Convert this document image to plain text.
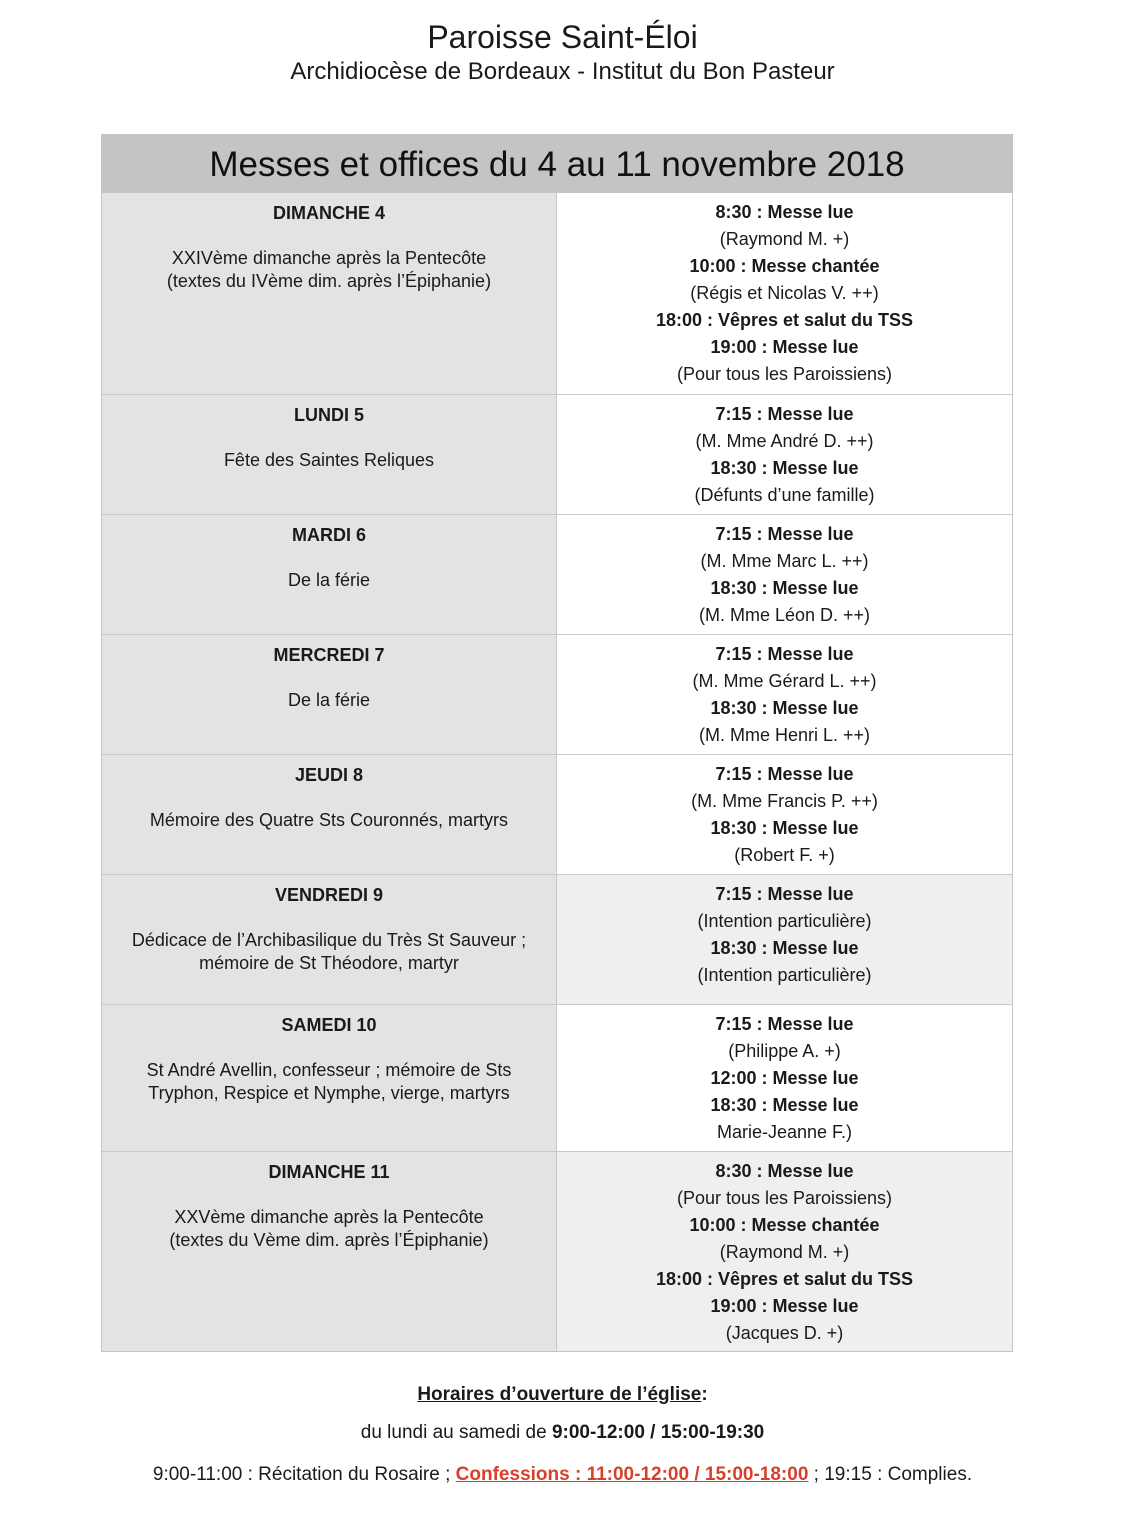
Paroisse Saint-Éloi
Archidiocèse de Bordeaux - Institut du Bon Pasteur
Messes et offices du 4 au 11 novembre 2018
DIMANCHE 4
XXIVème dimanche après la Pentecôte
(textes du IVème dim. après l’Épiphanie)
8:30 : Messe lue
(Raymond M. +)
10:00 : Messe chantée
(Régis et Nicolas V. ++)
18:00 : Vêpres et salut du TSS
19:00 : Messe lue
(Pour tous les Paroissiens)
LUNDI 5
Fête des Saintes Reliques
7:15 : Messe lue
(M. Mme André D. ++)
18:30 : Messe lue
(Défunts d’une famille)
MARDI 6
De la férie
7:15 : Messe lue
(M. Mme Marc L. ++)
18:30 : Messe lue
(M. Mme Léon D. ++)
MERCREDI 7
De la férie
7:15 : Messe lue
(M. Mme Gérard L. ++)
18:30 : Messe lue
(M. Mme Henri L. ++)
JEUDI 8
Mémoire des Quatre Sts Couronnés, martyrs
7:15 : Messe lue
(M. Mme Francis P. ++)
18:30 : Messe lue
(Robert F. +)
VENDREDI 9
Dédicace de l’Archibasilique du Très St Sauveur ;
mémoire de St Théodore, martyr
7:15 : Messe lue
(Intention particulière)
18:30 : Messe lue
(Intention particulière)
SAMEDI 10
St André Avellin, confesseur ; mémoire de Sts
Tryphon, Respice et Nymphe, vierge, martyrs
7:15 : Messe lue
(Philippe A. +)
12:00 : Messe lue
18:30 : Messe lue
Marie-Jeanne F.)
DIMANCHE 11
XXVème dimanche après la Pentecôte
(textes du Vème dim. après l’Épiphanie)
8:30 : Messe lue
(Pour tous les Paroissiens)
10:00 : Messe chantée
(Raymond M. +)
18:00 : Vêpres et salut du TSS
19:00 : Messe lue
(Jacques D. +)
Horaires d’ouverture de l’église:
du lundi au samedi de 9:00-12:00 / 15:00-19:30
9:00-11:00 : Récitation du Rosaire ; Confessions : 11:00-12:00 / 15:00-18:00 ; 19:15 : Complies.
